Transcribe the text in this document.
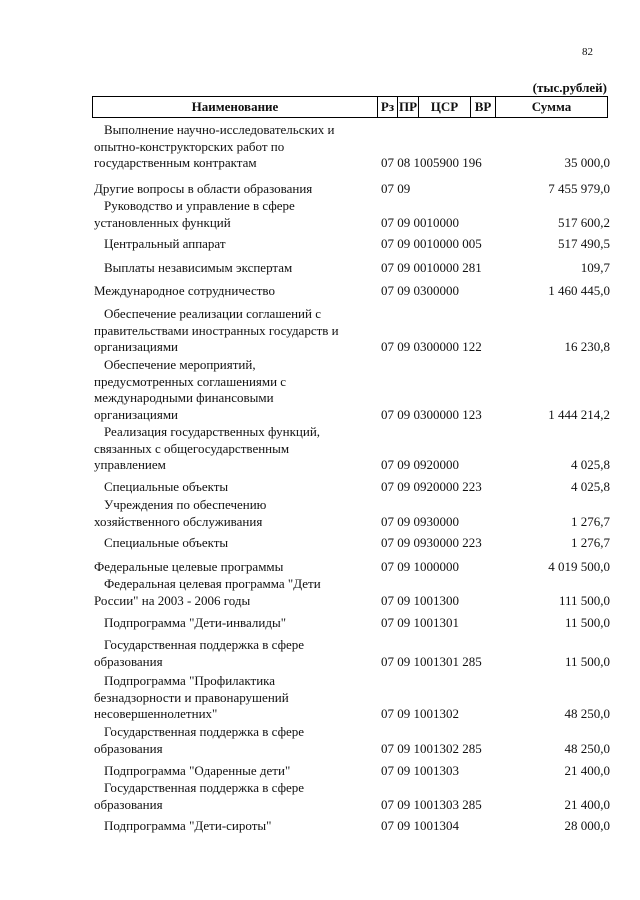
82
(тыс.рублей)
Наименование	Рз ПР	ЦСР	ВР	Сумма
Выполнение научно-исследовательских и
опытно-конструкторских работ по
государственным контрактам	07 08 1005900 196	35 000,0
Другие вопросы в области образования	07 09	7 455 979,0
Руководство и управление в сфере
установленных функций	07 09 0010000	517 600,2
Центральный аппарат	07 09 0010000 005	517 490,5
Выплаты независимым экспертам	07 09 0010000 281	109,7
Международное сотрудничество	07 09 0300000	1 460 445,0
Обеспечение реализации соглашений с
правительствами иностранных государств и
организациями	07 09 0300000 122	16 230,8
Обеспечение мероприятий,
предусмотренных соглашениями с
международными финансовыми
организациями	07 09 0300000 123	1 444 214,2
Реализация государственных функций,
связанных с общегосударственным
управлением	07 09 0920000	4 025,8
Специальные объекты	07 09 0920000 223	4 025,8
Учреждения по обеспечению
хозяйственного обслуживания	07 09 0930000	1 276,7
Специальные объекты	07 09 0930000 223	1 276,7
Федеральные целевые программы	07 09 1000000	4 019 500,0
Федеральная целевая программа "Дети
России" на 2003 - 2006 годы	07 09 1001300	111 500,0
Подпрограмма "Дети-инвалиды"	07 09 1001301	11 500,0
Государственная поддержка в сфере
образования	07 09 1001301 285	11 500,0
Подпрограмма "Профилактика
безнадзорности и правонарушений
несовершеннолетних"	07 09 1001302	48 250,0
Государственная поддержка в сфере
образования	07 09 1001302 285	48 250,0
Подпрограмма "Одаренные дети"	07 09 1001303	21 400,0
Государственная поддержка в сфере
образования	07 09 1001303 285	21 400,0
Подпрограмма "Дети-сироты"	07 09 1001304	28 000,0
